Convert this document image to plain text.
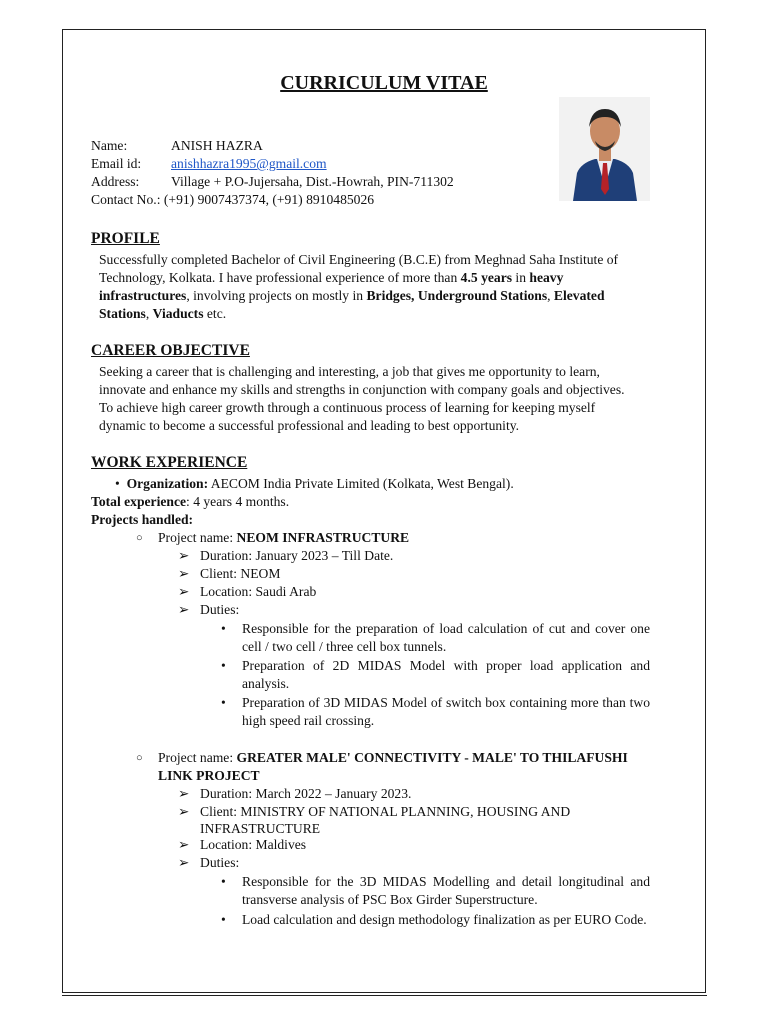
CURRICULUM VITAE
Name:	ANISH HAZRA
Email id: anishhazra1995@gmail.com
Address: Village + P.O-Jujersaha, Dist.-Howrah, PIN-711302
Contact No.: (+91) 9007437374, (+91) 8910485026
PROFILE
Successfully completed Bachelor of Civil Engineering (B.C.E) from Meghnad Saha Institute of
Technology, Kolkata. I have professional experience of more than 4.5 years in heavy
infrastructures, involving projects on mostly in Bridges, Underground Stations, Elevated
Stations, Viaducts etc.
CAREER OBJECTIVE
Seeking a career that is challenging and interesting, a job that gives me opportunity to learn,
innovate and enhance my skills and strengths in conjunction with company goals and objectives.
To achieve high career growth through a continuous process of learning for keeping myself
dynamic to become a successful professional and leading to best opportunity.
WORK EXPERIENCE
• Organization: AECOM India Private Limited (Kolkata, West Bengal).
Total experience: 4 years 4 months.
Projects handled:
○ Project name: NEOM INFRASTRUCTURE
➢ Duration: January 2023 – Till Date.
➢ Client: NEOM
➢ Location: Saudi Arab
➢ Duties:
• Responsible for the preparation of load calculation of cut and cover one cell / two cell / three cell box tunnels.
• Preparation of 2D MIDAS Model with proper load application and analysis.
• Preparation of 3D MIDAS Model of switch box containing more than two high speed rail crossing.
○ Project name: GREATER MALE' CONNECTIVITY - MALE' TO THILAFUSHI
LINK PROJECT
➢ Duration: March 2022 – January 2023.
➢ Client: MINISTRY OF NATIONAL PLANNING, HOUSING AND
INFRASTRUCTURE
➢ Location: Maldives
➢ Duties:
• Responsible for the 3D MIDAS Modelling and detail longitudinal and transverse analysis of PSC Box Girder Superstructure.
• Load calculation and design methodology finalization as per EURO Code.
